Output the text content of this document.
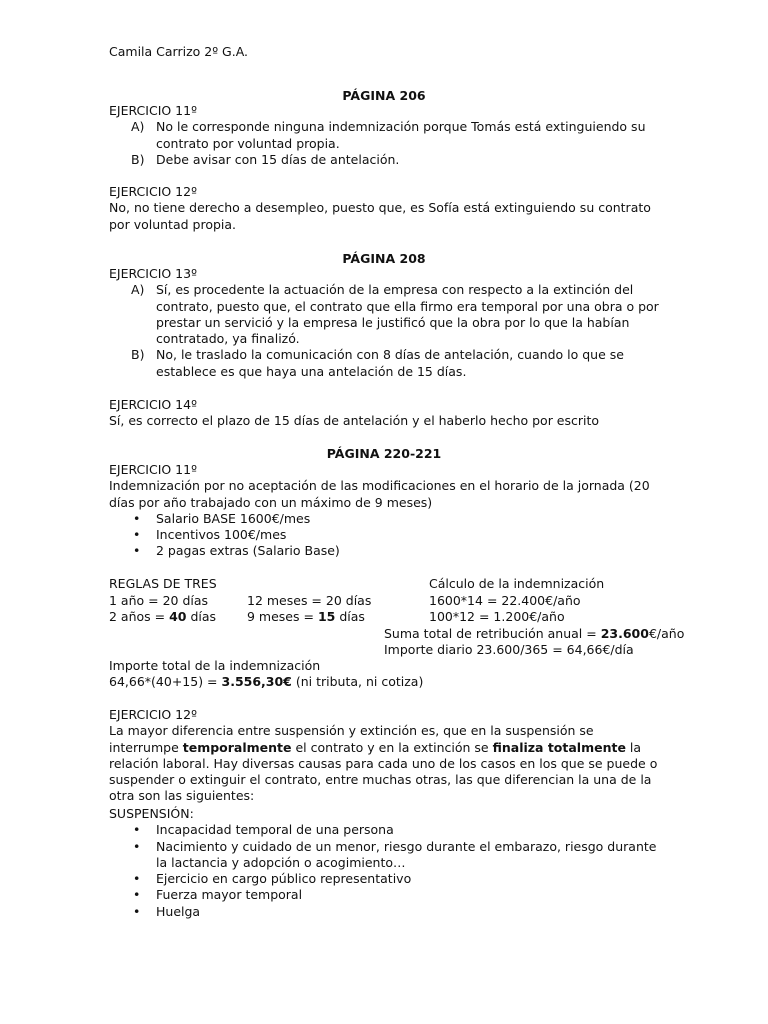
Camila Carrizo 2º G.A.

PÁGINA 206

EJERCICIO 11º

A) No le corresponde ninguna indemnización porque Tomás está extinguiendo su contrato por voluntad propia.
B) Debe avisar con 15 días de antelación.

EJERCICIO 12º

No, no tiene derecho a desempleo, puesto que, es Sofía está extinguiendo su contrato por voluntad propia.

PÁGINA 208

EJERCICIO 13º

A) Sí, es procedente la actuación de la empresa con respecto a la extinción del contrato, puesto que, el contrato que ella firmo era temporal por una obra o por prestar un servició y la empresa le justificó que la obra por lo que la habían contratado, ya finalizó.
B) No, le traslado la comunicación con 8 días de antelación, cuando lo que se establece es que haya una antelación de 15 días.

EJERCICIO 14º

Sí, es correcto el plazo de 15 días de antelación y el haberlo hecho por escrito

PÁGINA 220-221

EJERCICIO 11º

Indemnización por no aceptación de las modificaciones en el horario de la jornada (20 días por año trabajado con un máximo de 9 meses)

• Salario BASE 1600€/mes
• Incentivos 100€/mes
• 2 pagas extras (Salario Base)

REGLAS DE TRES

1 año = 20 días	12 meses = 20 días

2 años = 40 días 9 meses = 15 días

Cálculo de la indemnización

1600*14 = 22.400€/año

100*12 = 1.200€/año

Suma total de retribución anual = 23.600€/año

Importe diario 23.600/365 = 64,66€/día

Importe total de la indemnización

64,66*(40+15) = 3.556,30€ (ni tributa, ni cotiza)

EJERCICIO 12º

La mayor diferencia entre suspensión y extinción es, que en la suspensión se interrumpe temporalmente el contrato y en la extinción se finaliza totalmente la relación laboral. Hay diversas causas para cada uno de los casos en los que se puede o suspender o extinguir el contrato, entre muchas otras, las que diferencian la una de la otra son las siguientes:

SUSPENSIÓN:

• Incapacidad temporal de una persona
• Nacimiento y cuidado de un menor, riesgo durante el embarazo, riesgo durante la lactancia y adopción o acogimiento…
• Ejercicio en cargo público representativo
• Fuerza mayor temporal
• Huelga
